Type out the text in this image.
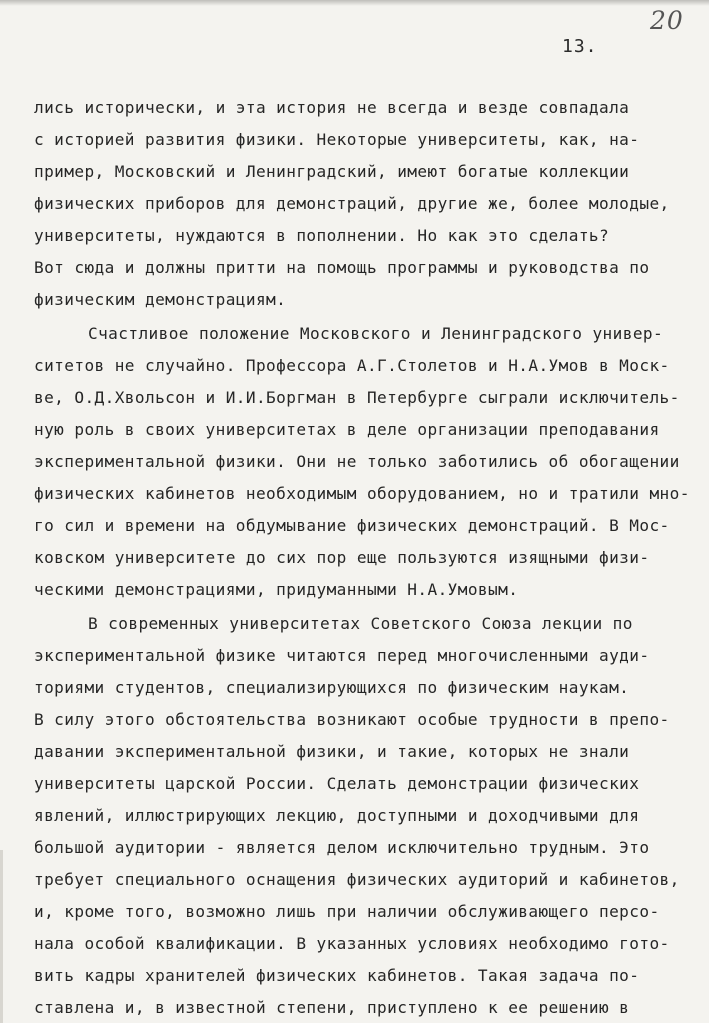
20
13.
лись исторически, и эта история не всегда и везде совпадала
с историей развития физики. Некоторые университеты, как, на-
пример, Московский и Ленинградский, имеют богатые коллекции
физических приборов для демонстраций, другие же, более молодые,
университеты, нуждаются в пополнении. Но как это сделать?
Вот сюда и должны притти на помощь программы и руководства по
физическим демонстрациям.
Счастливое положение Московского и Ленинградского универ-
ситетов не случайно. Профессора А.Г.Столетов и Н.А.Умов в Моск-
ве, О.Д.Хвольсон и И.И.Боргман в Петербурге сыграли исключитель-
ную роль в своих университетах в деле организации преподавания
экспериментальной физики. Они не только заботились об обогащении
физических кабинетов необходимым оборудованием, но и тратили мно-
го сил и времени на обдумывание физических демонстраций. В Мос-
ковском университете до сих пор еще пользуются изящными физи-
ческими демонстрациями, придуманными Н.А.Умовым.
В современных университетах Советского Союза лекции по
экспериментальной физике читаются перед многочисленными ауди-
ториями студентов, специализирующихся по физическим наукам.
В силу этого обстоятельства возникают особые трудности в препо-
давании экспериментальной физики, и такие, которых не знали
университеты царской России. Сделать демонстрации физических
явлений, иллюстрирующих лекцию, доступными и доходчивыми для
большой аудитории - является делом исключительно трудным. Это
требует специального оснащения физических аудиторий и кабинетов,
и, кроме того, возможно лишь при наличии обслуживающего персо-
нала особой квалификации. В указанных условиях необходимо гото-
вить кадры хранителей физических кабинетов. Такая задача по-
ставлена и, в известной степени, приступлено к ее решению в
